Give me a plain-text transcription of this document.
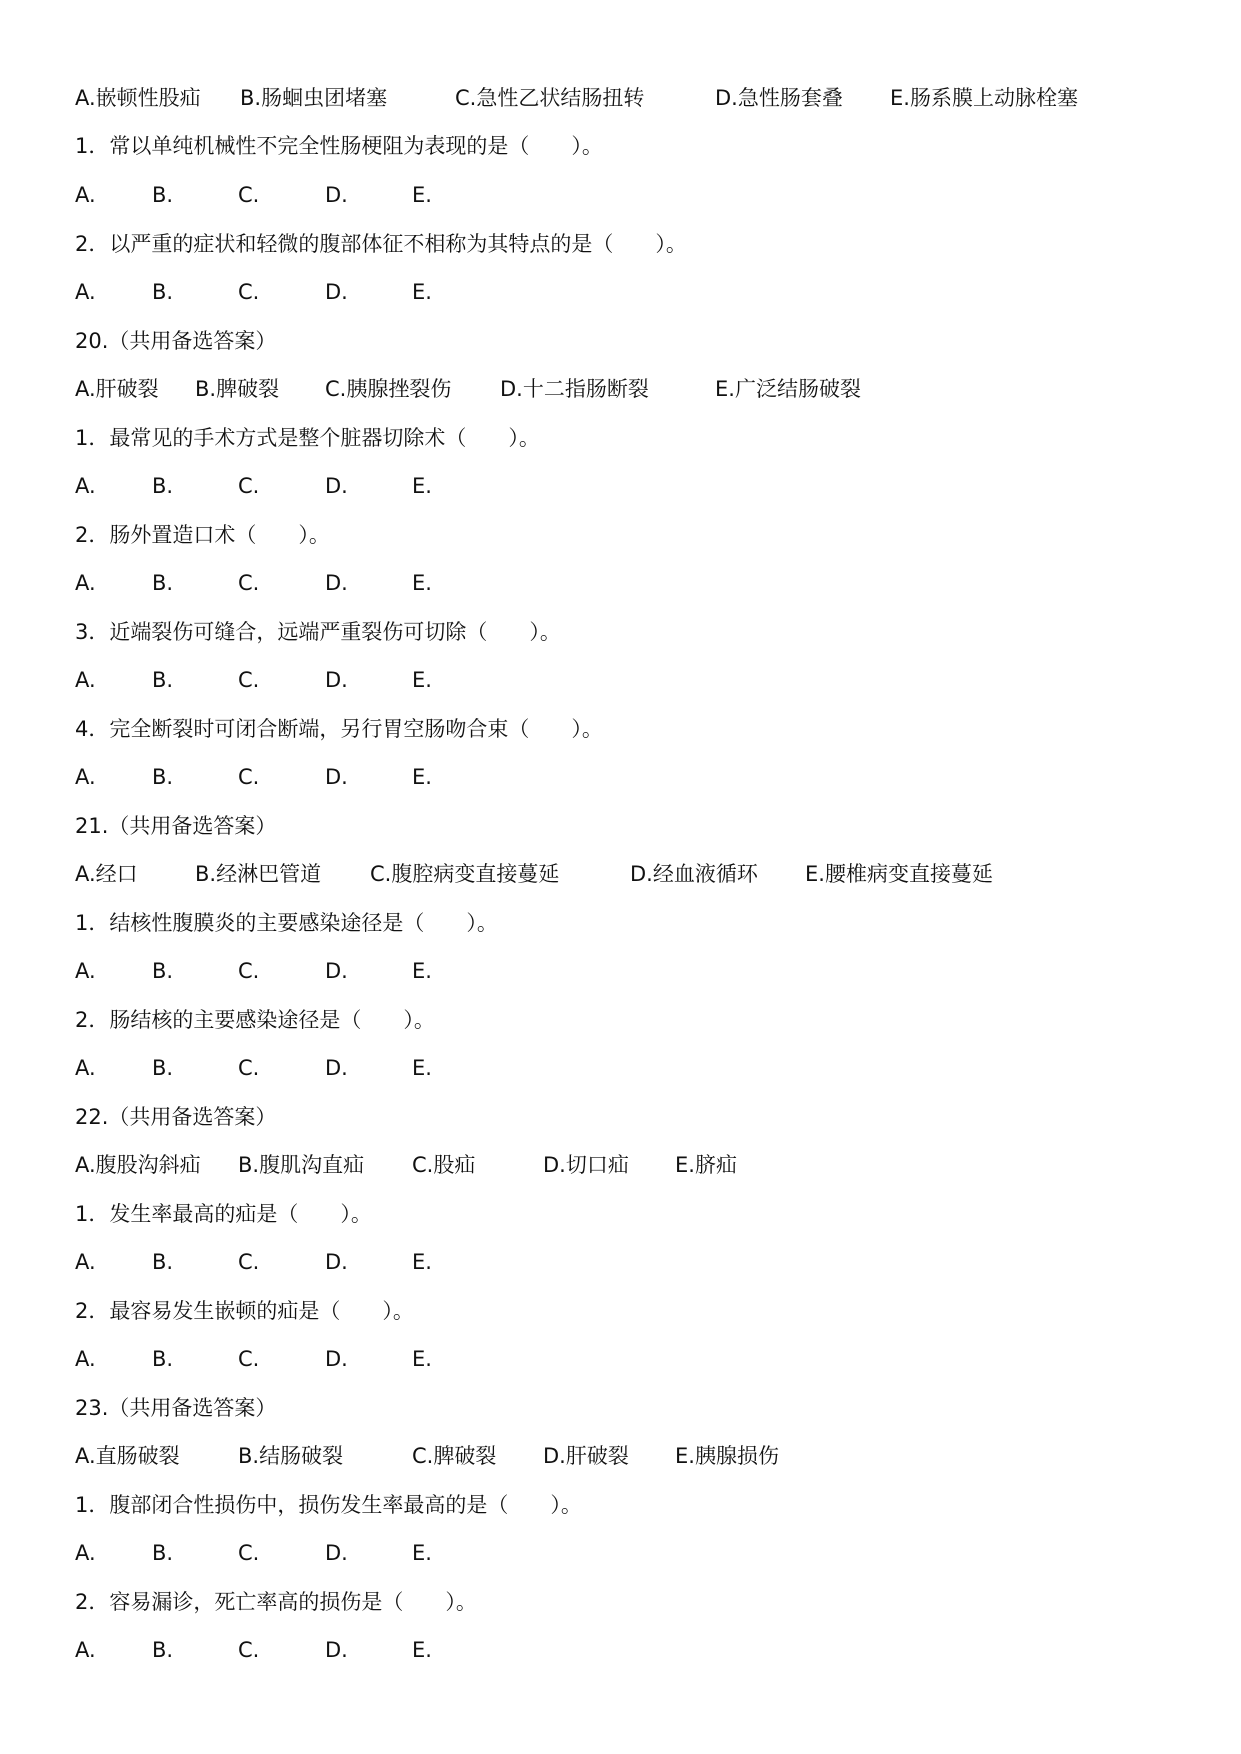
A.嵌顿性股疝 B.肠蛔虫团堵塞	C.急性乙状结肠扭转	D.急性肠套叠 E.肠系膜上动脉栓塞
1．常以单纯机械性不完全性肠梗阻为表现的是（　　）。
A.	B.	C.	D.	E.
2．以严重的症状和轻微的腹部体征不相称为其特点的是（　　）。
A.	B.	C.	D.	E.
20.（共用备选答案）
A.肝破裂 B.脾破裂 C.胰腺挫裂伤 D.十二指肠断裂	E.广泛结肠破裂
1．最常见的手术方式是整个脏器切除术（　　）。
A.	B.	C.	D.	E.
2．肠外置造口术（　　）。
A.	B.	C.	D.	E.
3．近端裂伤可缝合，远端严重裂伤可切除（　　）。
A.	B.	C.	D.	E.
4．完全断裂时可闭合断端，另行胃空肠吻合束（　　）。
A.	B.	C.	D.	E.
21.（共用备选答案）
A.经口	B.经淋巴管道 C.腹腔病变直接蔓延	D.经血液循环 E.腰椎病变直接蔓延
1．结核性腹膜炎的主要感染途径是（　　）。
A.	B.	C.	D.	E.
2．肠结核的主要感染途径是（　　）。
A.	B.	C.	D.	E.
22.（共用备选答案）
A.腹股沟斜疝 B.腹肌沟直疝 C.股疝	D.切口疝 E.脐疝
1．发生率最高的疝是（　　）。
A.	B.	C.	D.	E.
2．最容易发生嵌顿的疝是（　　）。
A.	B.	C.	D.	E.
23.（共用备选答案）
A.直肠破裂	B.结肠破裂	C.脾破裂 D.肝破裂 E.胰腺损伤
1．腹部闭合性损伤中，损伤发生率最高的是（　　）。
A.	B.	C.	D.	E.
2．容易漏诊，死亡率高的损伤是（　　）。
A.	B.	C.	D.	E.
